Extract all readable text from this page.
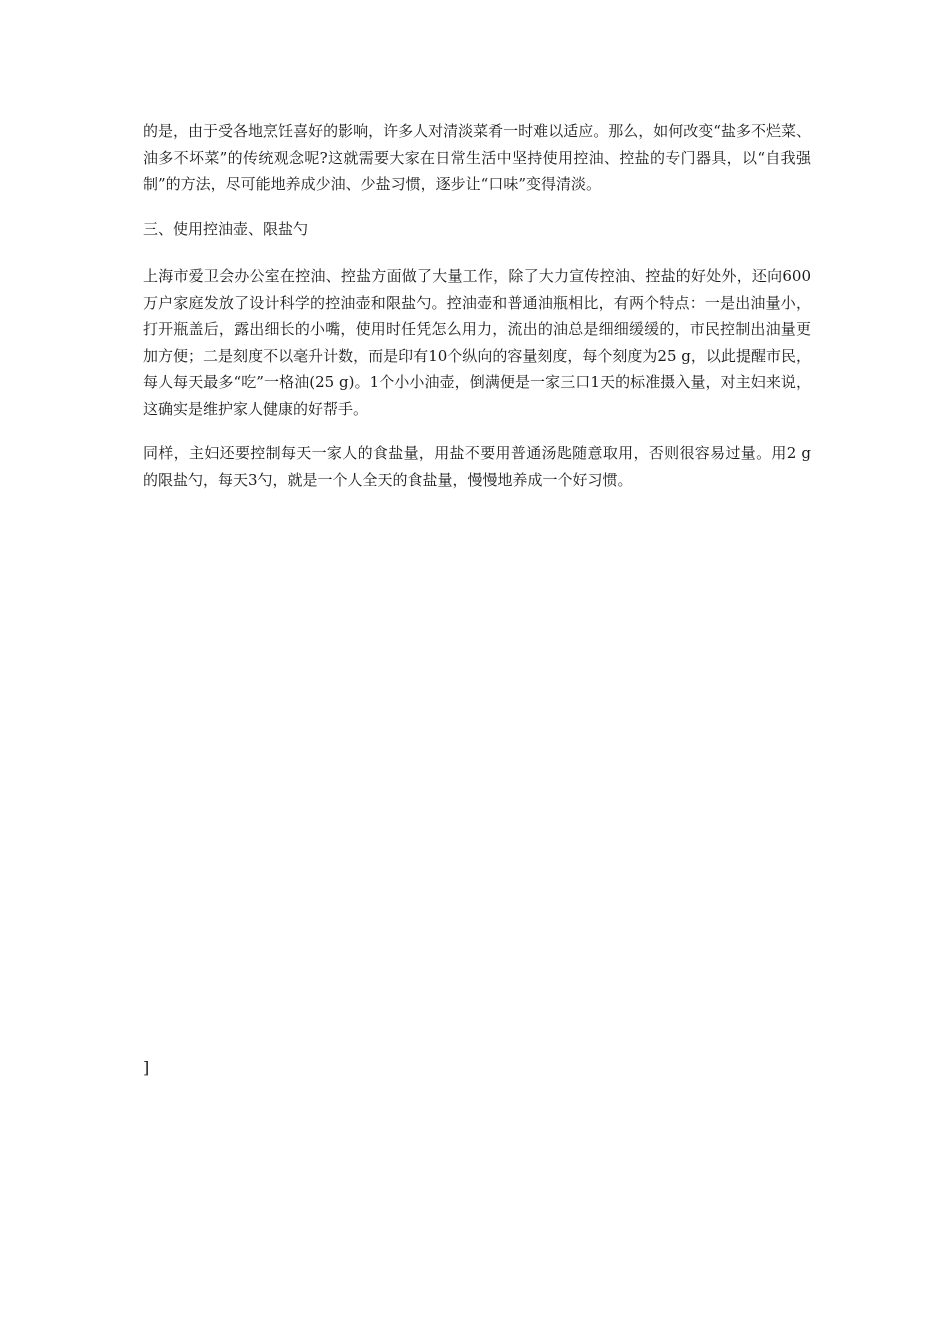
的是，由于受各地烹饪喜好的影响，许多人对清淡菜肴一时难以适应。那么，如何改变“盐多不烂菜、油多不坏菜”的传统观念呢?这就需要大家在日常生活中坚持使用控油、控盐的专门器具，以“自我强制”的方法，尽可能地养成少油、少盐习惯，逐步让“口味”变得清淡。

三、使用控油壶、限盐勺

上海市爱卫会办公室在控油、控盐方面做了大量工作，除了大力宣传控油、控盐的好处外，还向600万户家庭发放了设计科学的控油壶和限盐勺。控油壶和普通油瓶相比，有两个特点：一是出油量小，打开瓶盖后，露出细长的小嘴，使用时任凭怎么用力，流出的油总是细细缓缓的，市民控制出油量更加方便；二是刻度不以毫升计数，而是印有10个纵向的容量刻度，每个刻度为25 g，以此提醒市民，每人每天最多“吃”一格油(25 g)。1个小小油壶，倒满便是一家三口1天的标准摄入量，对主妇来说，这确实是维护家人健康的好帮手。

同样，主妇还要控制每天一家人的食盐量，用盐不要用普通汤匙随意取用，否则很容易过量。用2 g的限盐勺，每天3勺，就是一个人全天的食盐量，慢慢地养成一个好习惯。

]
